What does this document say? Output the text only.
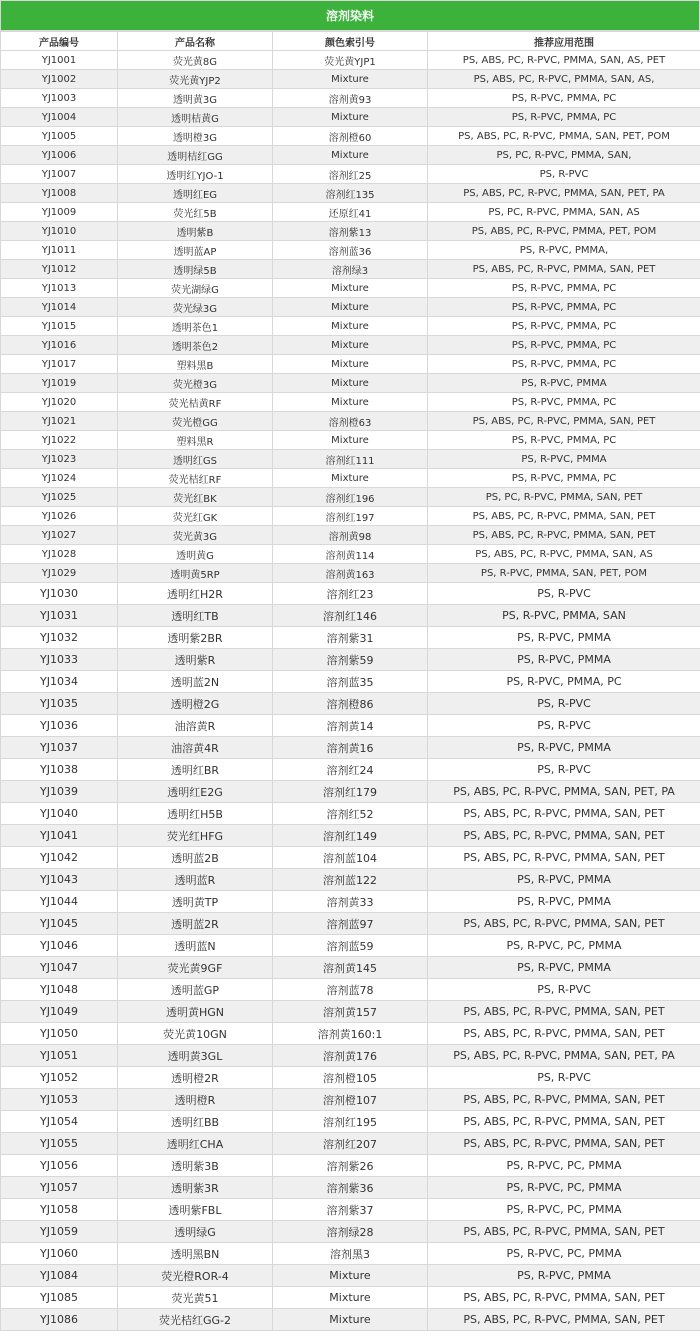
溶剂染料
产品编号	产品名称	颜色索引号	推荐应用范围
YJ1001	荧光黄8G	荧光黄YJP1	PS, ABS, PC, R-PVC, PMMA, SAN, AS, PET
YJ1002	荧光黄YJP2	Mixture	PS, ABS, PC, R-PVC, PMMA, SAN, AS,
YJ1003	透明黄3G	溶剂黄93	PS, R-PVC, PMMA, PC
YJ1004	透明桔黄G	Mixture	PS, R-PVC, PMMA, PC
YJ1005	透明橙3G	溶剂橙60	PS, ABS, PC, R-PVC, PMMA, SAN, PET, POM
YJ1006	透明桔红GG	Mixture	PS, PC, R-PVC, PMMA, SAN,
YJ1007	透明红YJO-1	溶剂红25	PS, R-PVC
YJ1008	透明红EG	溶剂红135	PS, ABS, PC, R-PVC, PMMA, SAN, PET, PA
YJ1009	荧光红5B	还原红41	PS, PC, R-PVC, PMMA, SAN, AS
YJ1010	透明紫B	溶剂紫13	PS, ABS, PC, R-PVC, PMMA, PET, POM
YJ1011	透明蓝AP	溶剂蓝36	PS, R-PVC, PMMA,
YJ1012	透明绿5B	溶剂绿3	PS, ABS, PC, R-PVC, PMMA, SAN, PET
YJ1013	荧光湖绿G	Mixture	PS, R-PVC, PMMA, PC
YJ1014	荧光绿3G	Mixture	PS, R-PVC, PMMA, PC
YJ1015	透明茶色1	Mixture	PS, R-PVC, PMMA, PC
YJ1016	透明茶色2	Mixture	PS, R-PVC, PMMA, PC
YJ1017	塑料黑B	Mixture	PS, R-PVC, PMMA, PC
YJ1019	荧光橙3G	Mixture	PS, R-PVC, PMMA
YJ1020	荧光桔黄RF	Mixture	PS, R-PVC, PMMA, PC
YJ1021	荧光橙GG	溶剂橙63	PS, ABS, PC, R-PVC, PMMA, SAN, PET
YJ1022	塑料黑R	Mixture	PS, R-PVC, PMMA, PC
YJ1023	透明红GS	溶剂红111	PS, R-PVC, PMMA
YJ1024	荧光桔红RF	Mixture	PS, R-PVC, PMMA, PC
YJ1025	荧光红BK	溶剂红196	PS, PC, R-PVC, PMMA, SAN, PET
YJ1026	荧光红GK	溶剂红197	PS, ABS, PC, R-PVC, PMMA, SAN, PET
YJ1027	荧光黄3G	溶剂黄98	PS, ABS, PC, R-PVC, PMMA, SAN, PET
YJ1028	透明黄G	溶剂黄114	PS, ABS, PC, R-PVC, PMMA, SAN, AS
YJ1029	透明黄5RP	溶剂黄163	PS, R-PVC, PMMA, SAN, PET, POM
YJ1030	透明红H2R	溶剂红23	PS, R-PVC
YJ1031	透明红TB	溶剂红146	PS, R-PVC, PMMA, SAN
YJ1032	透明紫2BR	溶剂紫31	PS, R-PVC, PMMA
YJ1033	透明紫R	溶剂紫59	PS, R-PVC, PMMA
YJ1034	透明蓝2N	溶剂蓝35	PS, R-PVC, PMMA, PC
YJ1035	透明橙2G	溶剂橙86	PS, R-PVC
YJ1036	油溶黄R	溶剂黄14	PS, R-PVC
YJ1037	油溶黄4R	溶剂黄16	PS, R-PVC, PMMA
YJ1038	透明红BR	溶剂红24	PS, R-PVC
YJ1039	透明红E2G	溶剂红179	PS, ABS, PC, R-PVC, PMMA, SAN, PET, PA
YJ1040	透明红H5B	溶剂红52	PS, ABS, PC, R-PVC, PMMA, SAN, PET
YJ1041	荧光红HFG	溶剂红149	PS, ABS, PC, R-PVC, PMMA, SAN, PET
YJ1042	透明蓝2B	溶剂蓝104	PS, ABS, PC, R-PVC, PMMA, SAN, PET
YJ1043	透明蓝R	溶剂蓝122	PS, R-PVC, PMMA
YJ1044	透明黄TP	溶剂黄33	PS, R-PVC, PMMA
YJ1045	透明蓝2R	溶剂蓝97	PS, ABS, PC, R-PVC, PMMA, SAN, PET
YJ1046	透明蓝N	溶剂蓝59	PS, R-PVC, PC, PMMA
YJ1047	荧光黄9GF	溶剂黄145	PS, R-PVC, PMMA
YJ1048	透明蓝GP	溶剂蓝78	PS, R-PVC
YJ1049	透明黄HGN	溶剂黄157	PS, ABS, PC, R-PVC, PMMA, SAN, PET
YJ1050	荧光黄10GN	溶剂黄160:1	PS, ABS, PC, R-PVC, PMMA, SAN, PET
YJ1051	透明黄3GL	溶剂黄176	PS, ABS, PC, R-PVC, PMMA, SAN, PET, PA
YJ1052	透明橙2R	溶剂橙105	PS, R-PVC
YJ1053	透明橙R	溶剂橙107	PS, ABS, PC, R-PVC, PMMA, SAN, PET
YJ1054	透明红BB	溶剂红195	PS, ABS, PC, R-PVC, PMMA, SAN, PET
YJ1055	透明红CHA	溶剂红207	PS, ABS, PC, R-PVC, PMMA, SAN, PET
YJ1056	透明紫3B	溶剂紫26	PS, R-PVC, PC, PMMA
YJ1057	透明紫3R	溶剂紫36	PS, R-PVC, PC, PMMA
YJ1058	透明紫FBL	溶剂紫37	PS, R-PVC, PC, PMMA
YJ1059	透明绿G	溶剂绿28	PS, ABS, PC, R-PVC, PMMA, SAN, PET
YJ1060	透明黑BN	溶剂黑3	PS, R-PVC, PC, PMMA
YJ1084	荧光橙ROR-4	Mixture	PS, R-PVC, PMMA
YJ1085	荧光黄51	Mixture	PS, ABS, PC, R-PVC, PMMA, SAN, PET
YJ1086	荧光桔红GG-2	Mixture	PS, ABS, PC, R-PVC, PMMA, SAN, PET
